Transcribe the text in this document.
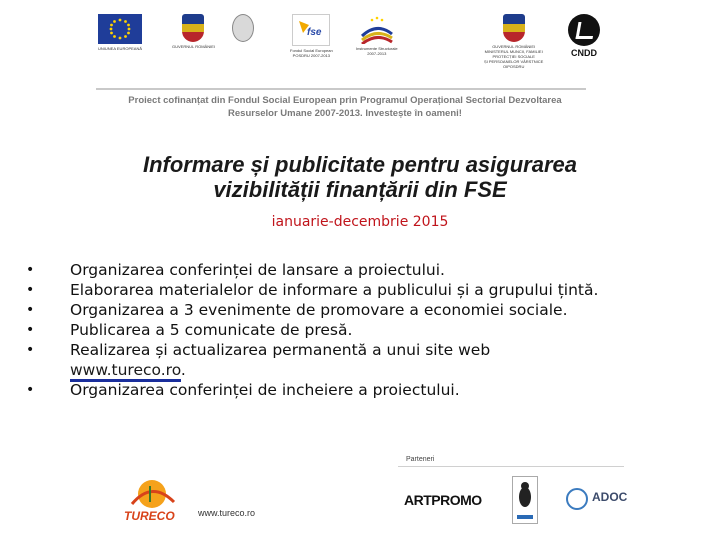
UNIUNEA EUROPEANĂ	GUVERNUL ROMÂNIEI
fse
Fondul Social European
POSDRU 2007-2013
Instrumente Structurale
2007-2013
GUVERNUL ROMÂNIEI
MINISTERUL MUNCII, FAMILIEI
PROTECȚIEI SOCIALE
ȘI PERSOANELOR VÂRSTNICE
OIPOSDRU
CNDD
Proiect cofinanțat din Fondul Social European prin Programul Operațional Sectorial Dezvoltarea
Resurselor Umane 2007-2013. Investește în oameni!
Informare și publicitate pentru asigurarea
vizibilității finanțării din FSE
ianuarie-decembrie 2015
• Organizarea conferinței de lansare a proiectului.
• Elaborarea materialelor de informare a publicului și a grupului țintă.
• Organizarea a 3 evenimente de promovare a economiei sociale.
• Publicarea a 5 comunicate de presă.
• Realizarea și actualizarea permanentă a unui site web
www.tureco.ro.
• Organizarea conferinței de incheiere a proiectului.
Parteneri
TURECO	www.tureco.ro
ARTPROMO	ADOC
